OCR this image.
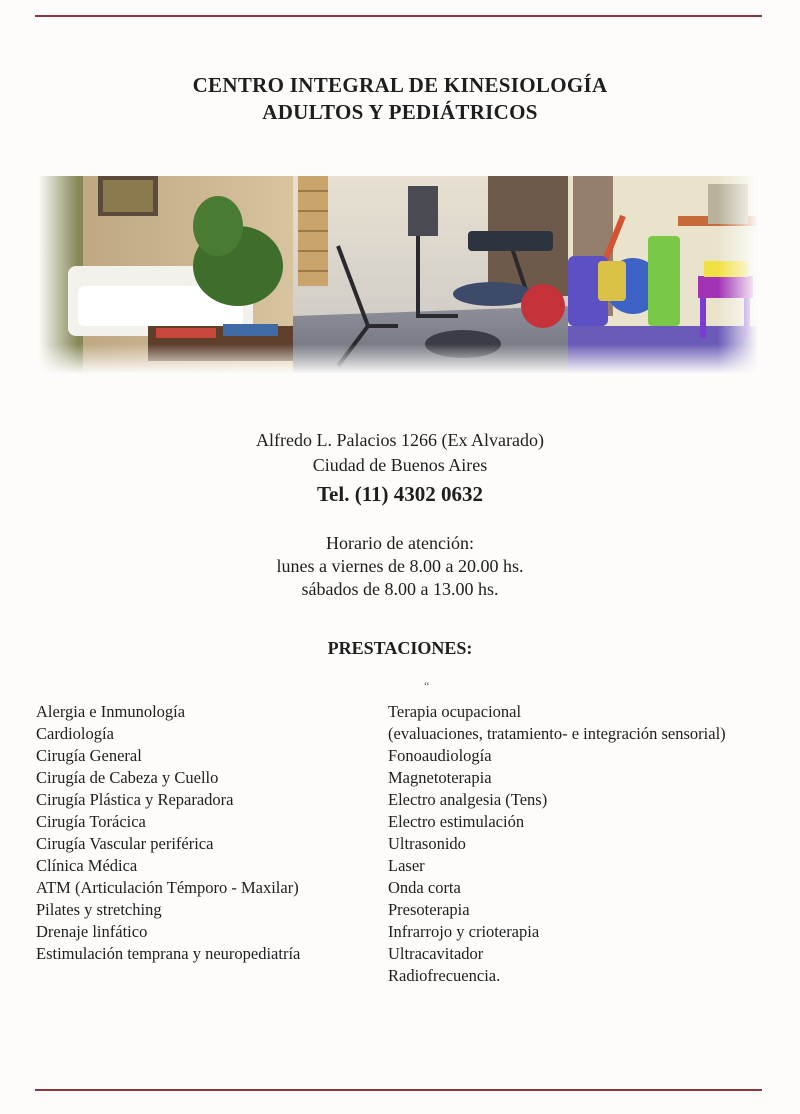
CENTRO INTEGRAL DE KINESIOLOGÍA
ADULTOS Y PEDIÁTRICOS
Alfredo L. Palacios 1266 (Ex Alvarado)
Ciudad de Buenos Aires
Tel. (11) 4302 0632
Horario de atención:
lunes a viernes de 8.00 a 20.00 hs.
sábados de 8.00 a 13.00 hs.
PRESTACIONES:
“
Alergia e Inmunología
Cardiología
Cirugía General
Cirugía de Cabeza y Cuello
Cirugía Plástica y Reparadora
Cirugía Torácica
Cirugía Vascular periférica
Clínica Médica
ATM (Articulación Témporo - Maxilar)
Pilates y stretching
Drenaje linfático
Estimulación temprana y neuropediatría
Terapia ocupacional
(evaluaciones, tratamiento- e integración sensorial)
Fonoaudiología
Magnetoterapia
Electro analgesia (Tens)
Electro estimulación
Ultrasonido
Laser
Onda corta
Presoterapia
Infrarrojo y crioterapia
Ultracavitador
Radiofrecuencia.
